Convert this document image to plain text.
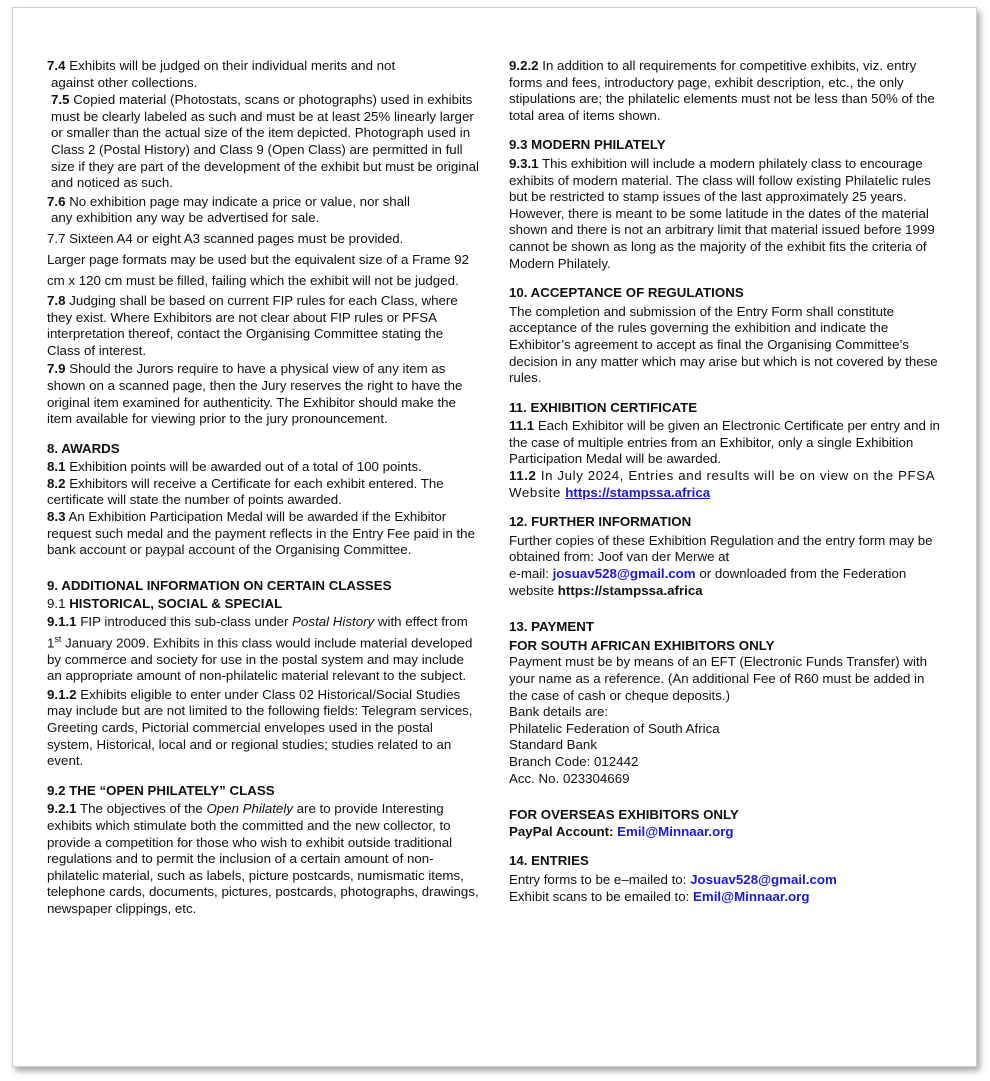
7.4 Exhibits will be judged on their individual merits and not
against other collections.

7.5 Copied material (Photostats, scans or photographs) used in exhibits must be clearly labeled as such and must be at least 25% linearly larger or smaller than the actual size of the item depicted. Photograph used in Class 2 (Postal History) and Class 9 (Open Class) are permitted in full size if they are part of the development of the exhibit but must be original and noticed as such.

7.6 No exhibition page may indicate a price or value, nor shall
any exhibition any way be advertised for sale.

7.7 Sixteen A4 or eight A3 scanned pages must be provided.
Larger page formats may be used but the equivalent size of a Frame 92 cm x 120 cm must be filled, failing which the exhibit will not be judged.

7.8 Judging shall be based on current FIP rules for each Class, where they exist. Where Exhibitors are not clear about FIP rules or PFSA interpretation thereof, contact the Organising Committee stating the Class of interest.

7.9 Should the Jurors require to have a physical view of any item as shown on a scanned page, then the Jury reserves the right to have the original item examined for authenticity. The Exhibitor should make the item available for viewing prior to the jury pronouncement.

8. AWARDS

8.1 Exhibition points will be awarded out of a total of 100 points.

8.2 Exhibitors will receive a Certificate for each exhibit entered. The certificate will state the number of points awarded.

8.3 An Exhibition Participation Medal will be awarded if the Exhibitor request such medal and the payment reflects in the Entry Fee paid in the bank account or paypal account of the Organising Committee.

9. ADDITIONAL INFORMATION ON CERTAIN CLASSES

9.1 HISTORICAL, SOCIAL & SPECIAL

9.1.1 FIP introduced this sub-class under Postal History with effect from 1st January 2009. Exhibits in this class would include material developed by commerce and society for use in the postal system and may include an appropriate amount of non-philatelic material relevant to the subject.

9.1.2 Exhibits eligible to enter under Class 02 Historical/Social Studies may include but are not limited to the following fields: Telegram services, Greeting cards, Pictorial commercial envelopes used in the postal system, Historical, local and or regional studies; studies related to an event.

9.2 THE “OPEN PHILATELY” CLASS

9.2.1 The objectives of the Open Philately are to provide Interesting exhibits which stimulate both the committed and the new collector, to provide a competition for those who wish to exhibit outside traditional regulations and to permit the inclusion of a certain amount of non-philatelic material, such as labels, picture postcards, numismatic items, telephone cards, documents, pictures, postcards, photographs, drawings, newspaper clippings, etc.

9.2.2 In addition to all requirements for competitive exhibits, viz. entry forms and fees, introductory page, exhibit description, etc., the only stipulations are; the philatelic elements must not be less than 50% of the total area of items shown.

9.3 MODERN PHILATELY

9.3.1 This exhibition will include a modern philately class to encourage exhibits of modern material. The class will follow existing Philatelic rules but be restricted to stamp issues of the last approximately 25 years. However, there is meant to be some latitude in the dates of the material shown and there is not an arbitrary limit that material issued before 1999 cannot be shown as long as the majority of the exhibit fits the criteria of Modern Philately.

10. ACCEPTANCE OF REGULATIONS

The completion and submission of the Entry Form shall constitute acceptance of the rules governing the exhibition and indicate the Exhibitor’s agreement to accept as final the Organising Committee’s decision in any matter which may arise but which is not covered by these rules.

11. EXHIBITION CERTIFICATE

11.1 Each Exhibitor will be given an Electronic Certificate per entry and in the case of multiple entries from an Exhibitor, only a single Exhibition Participation Medal will be awarded.

11.2 In July 2024, Entries and results will be on view on the PFSA Website https://stampssa.africa

12. FURTHER INFORMATION

Further copies of these Exhibition Regulation and the entry form may be obtained from: Joof van der Merwe at
e-mail: josuav528@gmail.com or downloaded from the Federation website https://stampssa.africa

13. PAYMENT

FOR SOUTH AFRICAN EXHIBITORS ONLY

Payment must be by means of an EFT (Electronic Funds Transfer) with your name as a reference. (An additional Fee of R60 must be added in the case of cash or cheque deposits.)

Bank details are:

Philatelic Federation of South Africa

Standard Bank

Branch Code: 012442

Acc. No. 023304669

FOR OVERSEAS EXHIBITORS ONLY

PayPal Account: Emil@Minnaar.org

14. ENTRIES

Entry forms to be e–mailed to: Josuav528@gmail.com

Exhibit scans to be emailed to: Emil@Minnaar.org
